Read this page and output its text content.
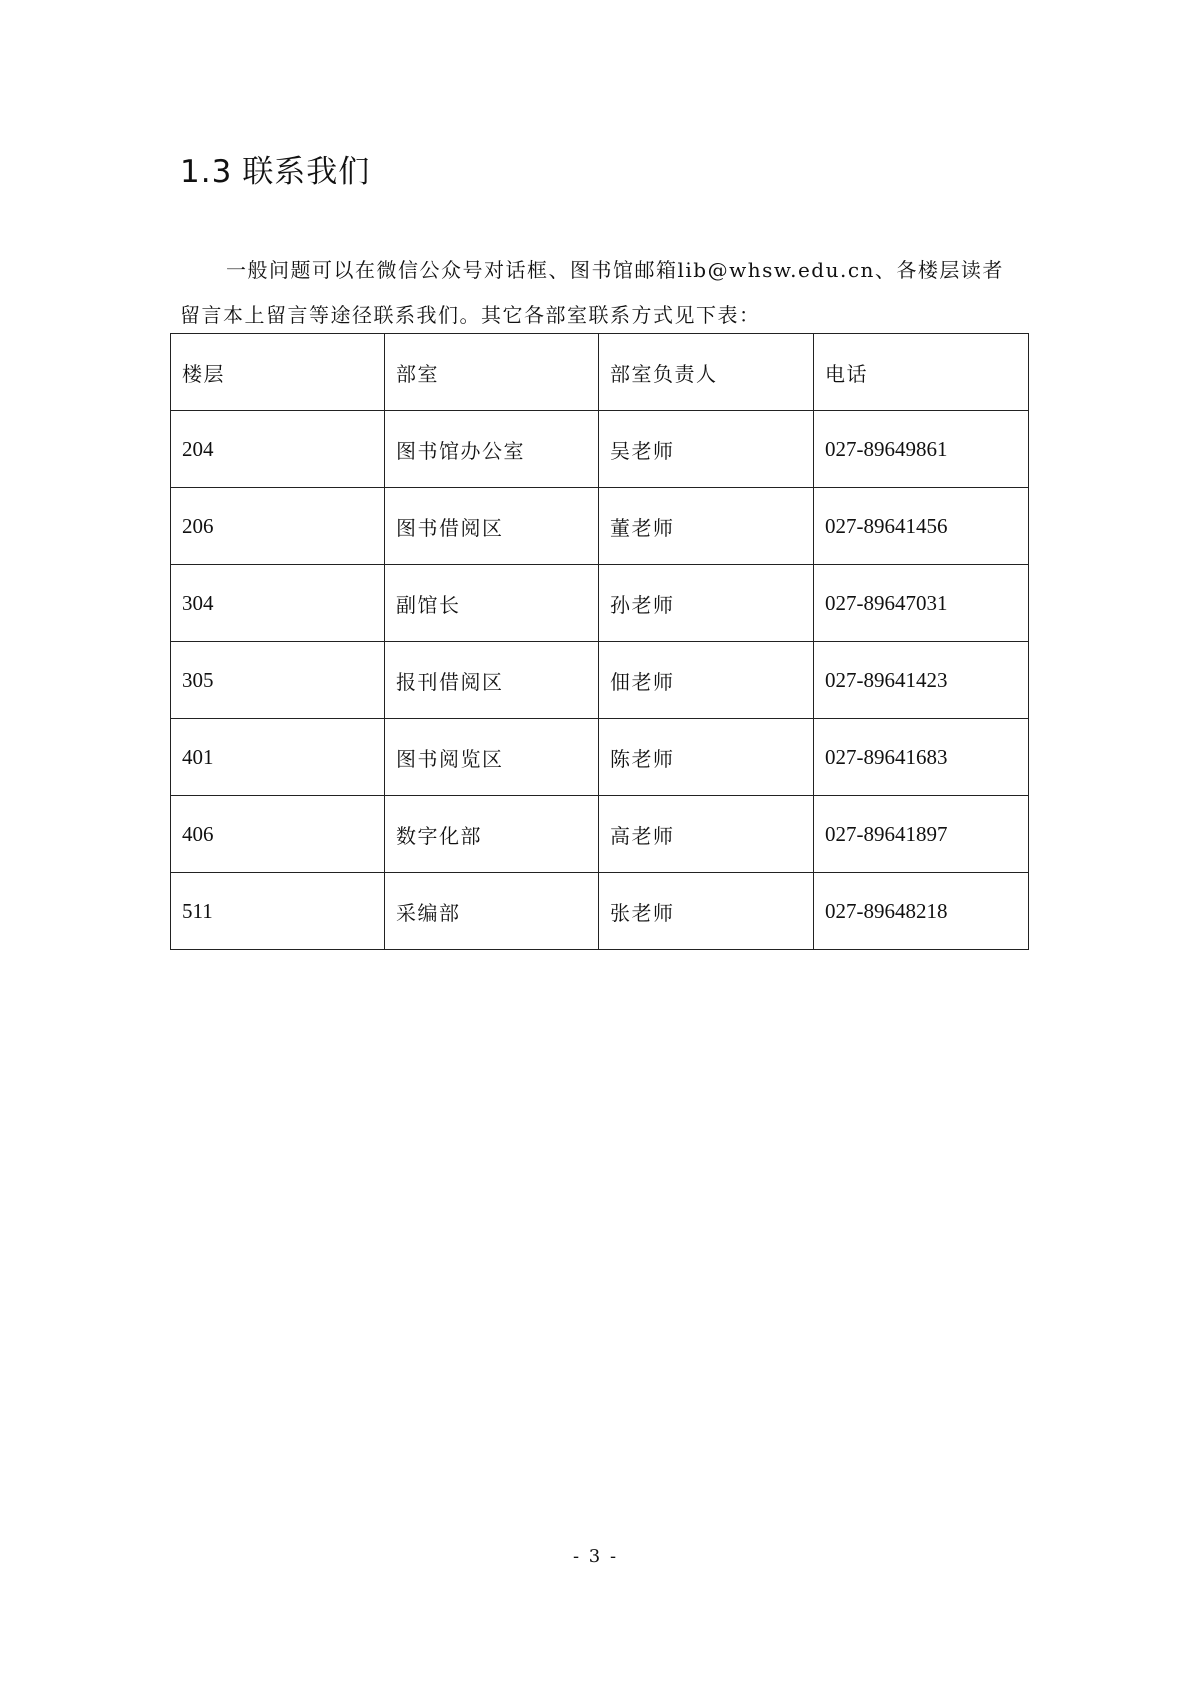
1.3 联系我们

一般问题可以在微信公众号对话框、图书馆邮箱lib@whsw.edu.cn、各楼层读者留言本上留言等途径联系我们。其它各部室联系方式见下表：

楼层	部室	部室负责人	电话
204	图书馆办公室	吴老师	027-89649861
206	图书借阅区	董老师	027-89641456
304	副馆长	孙老师	027-89647031
305	报刊借阅区	佃老师	027-89641423
401	图书阅览区	陈老师	027-89641683
406	数字化部	高老师	027-89641897
511	采编部	张老师	027-89648218
- 3 -
